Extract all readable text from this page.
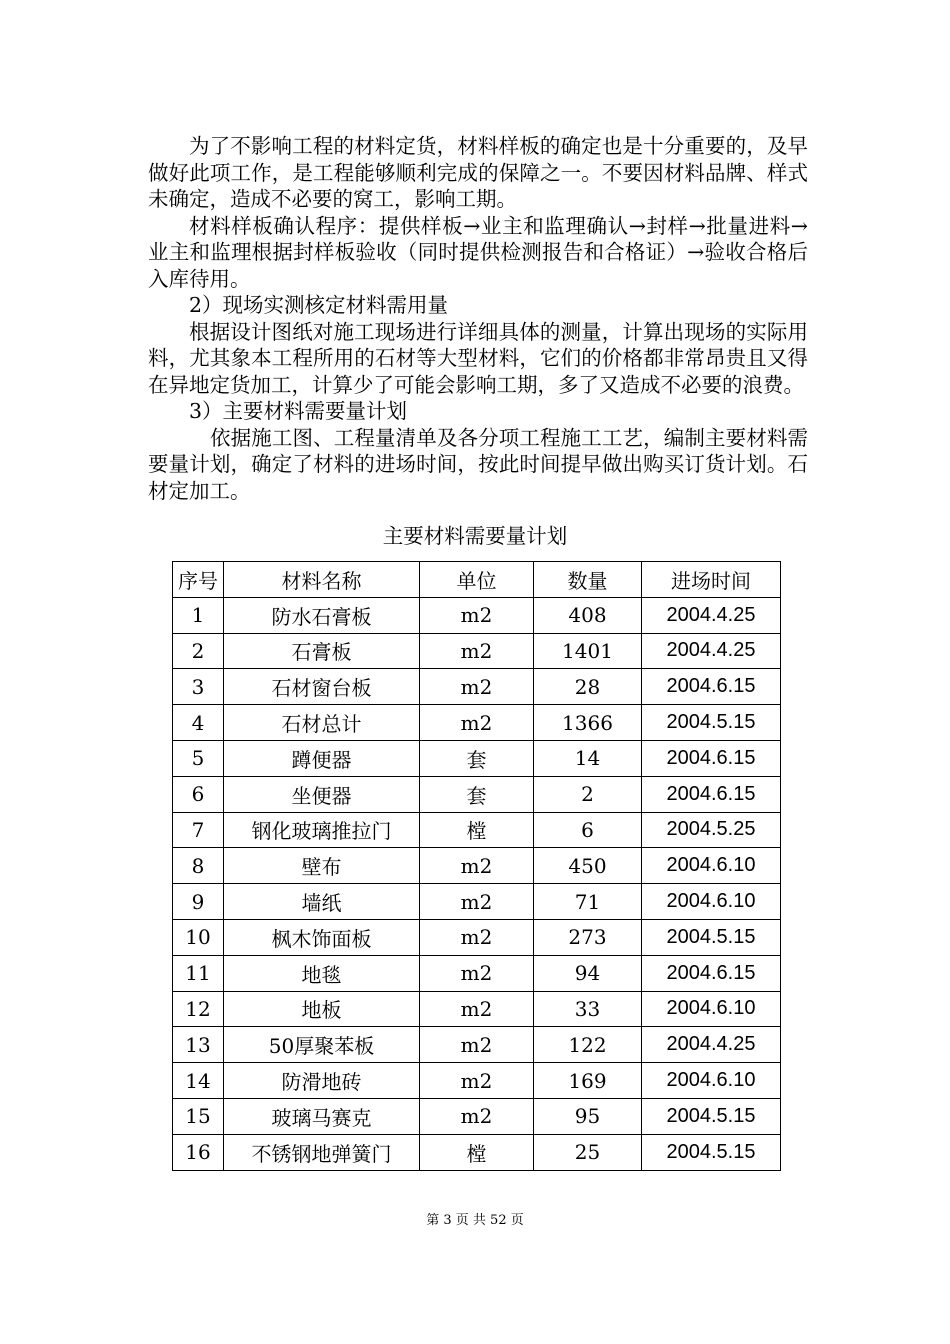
为了不影响工程的材料定货，材料样板的确定也是十分重要的，及早做好此项工作，是工程能够顺利完成的保障之一。不要因材料品牌、样式未确定，造成不必要的窝工，影响工期。

材料样板确认程序：提供样板→业主和监理确认→封样→批量进料→业主和监理根据封样板验收（同时提供检测报告和合格证）→验收合格后入库待用。

2）现场实测核定材料需用量

根据设计图纸对施工现场进行详细具体的测量，计算出现场的实际用料，尤其象本工程所用的石材等大型材料，它们的价格都非常昂贵且又得在异地定货加工，计算少了可能会影响工期，多了又造成不必要的浪费。

3）主要材料需要量计划

依据施工图、工程量清单及各分项工程施工工艺，编制主要材料需要量计划，确定了材料的进场时间，按此时间提早做出购买订货计划。石材定加工。

主要材料需要量计划
序号	材料名称	单位	数量	进场时间
1	防水石膏板	m2	408	2004.4.25
2	石膏板	m2	1401	2004.4.25
3	石材窗台板	m2	28	2004.6.15
4	石材总计	m2	1366	2004.5.15
5	蹲便器	套	14	2004.6.15
6	坐便器	套	2	2004.6.15
7	钢化玻璃推拉门	樘	6	2004.5.25
8	壁布	m2	450	2004.6.10
9	墙纸	m2	71	2004.6.10
10	枫木饰面板	m2	273	2004.5.15
11	地毯	m2	94	2004.6.15
12	地板	m2	33	2004.6.10
13	50厚聚苯板	m2	122	2004.4.25
14	防滑地砖	m2	169	2004.6.10
15	玻璃马赛克	m2	95	2004.5.15
16	不锈钢地弹簧门	樘	25	2004.5.15
第 3 页 共 52 页
